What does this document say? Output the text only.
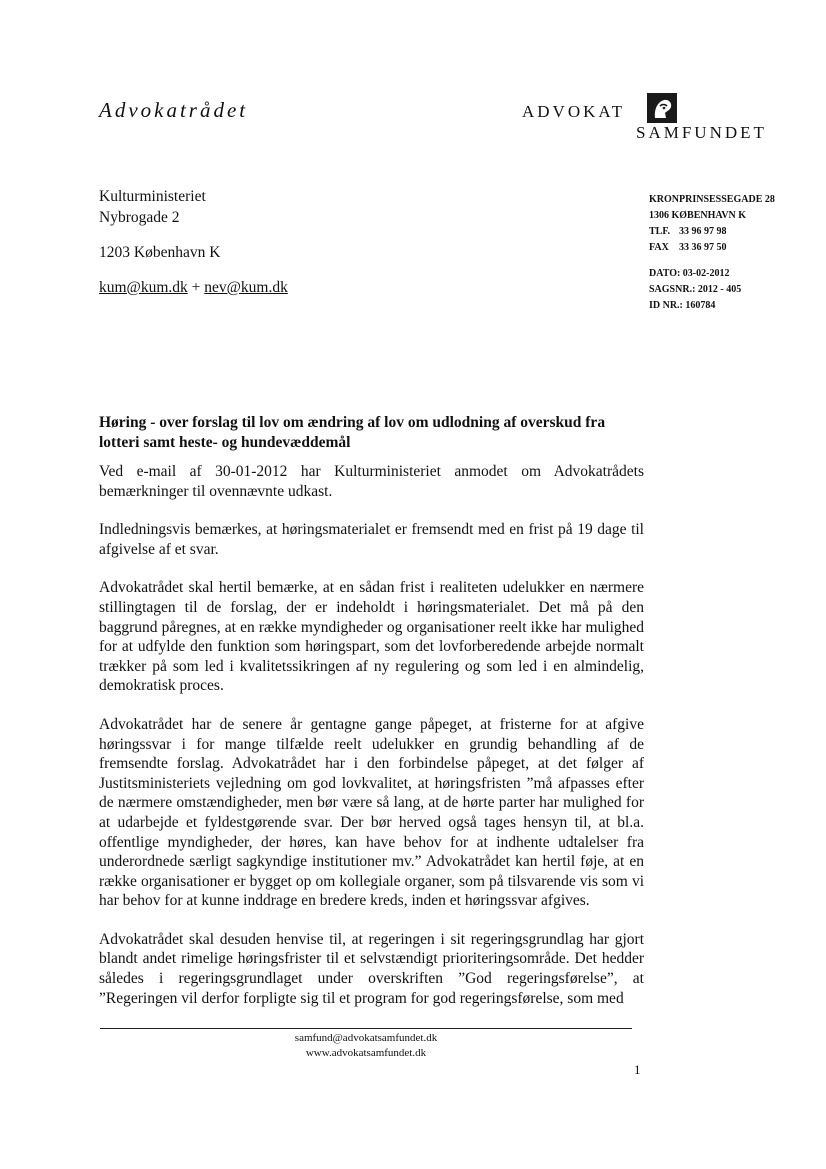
Advokatrådet	ADVOKAT
SAMFUNDET
Kulturministeriet
Nybrogade 2
1203 København K
kum@kum.dk + nev@kum.dk
KRONPRINSESSEGADE 28
1306 KØBENHAVN K
TLF. 33 96 97 98
FAX 33 36 97 50
DATO: 03-02-2012
SAGSNR.: 2012 - 405
ID NR.: 160784
Høring - over forslag til lov om ændring af lov om udlodning af overskud fra lotteri samt heste- og hundevæddemål

Ved e-mail af 30-01-2012 har Kulturministeriet anmodet om Advokatrådets bemærkninger til ovennævnte udkast.

Indledningsvis bemærkes, at høringsmaterialet er fremsendt med en frist på 19 dage til afgivelse af et svar.

Advokatrådet skal hertil bemærke, at en sådan frist i realiteten udelukker en nærmere stillingtagen til de forslag, der er indeholdt i høringsmaterialet. Det må på den baggrund påregnes, at en række myndigheder og organisationer reelt ikke har mulighed for at udfylde den funktion som høringspart, som det lovforberedende arbejde normalt trækker på som led i kvalitetssikringen af ny regulering og som led i en almindelig, demokratisk proces.

Advokatrådet har de senere år gentagne gange påpeget, at fristerne for at afgive høringssvar i for mange tilfælde reelt udelukker en grundig behandling af de fremsendte forslag. Advokatrådet har i den forbindelse påpeget, at det følger af Justitsministeriets vejledning om god lovkvalitet, at høringsfristen ”må afpasses efter de nærmere omstændigheder, men bør være så lang, at de hørte parter har mulighed for at udarbejde et fyldestgørende svar. Der bør herved også tages hensyn til, at bl.a. offentlige myndigheder, der høres, kan have behov for at indhente udtalelser fra underordnede særligt sagkyndige institutioner mv.” Advokatrådet kan hertil føje, at en række organisationer er bygget op om kollegiale organer, som på tilsvarende vis som vi har behov for at kunne inddrage en bredere kreds, inden et høringssvar afgives.

Advokatrådet skal desuden henvise til, at regeringen i sit regeringsgrundlag har gjort blandt andet rimelige høringsfrister til et selvstændigt prioriteringsområde. Det hedder således i regeringsgrundlaget under overskriften ”God regeringsførelse”, at ”Regeringen vil derfor forpligte sig til et program for god regeringsførelse, som med

samfund@advokatsamfundet.dk
www.advokatsamfundet.dk
1
